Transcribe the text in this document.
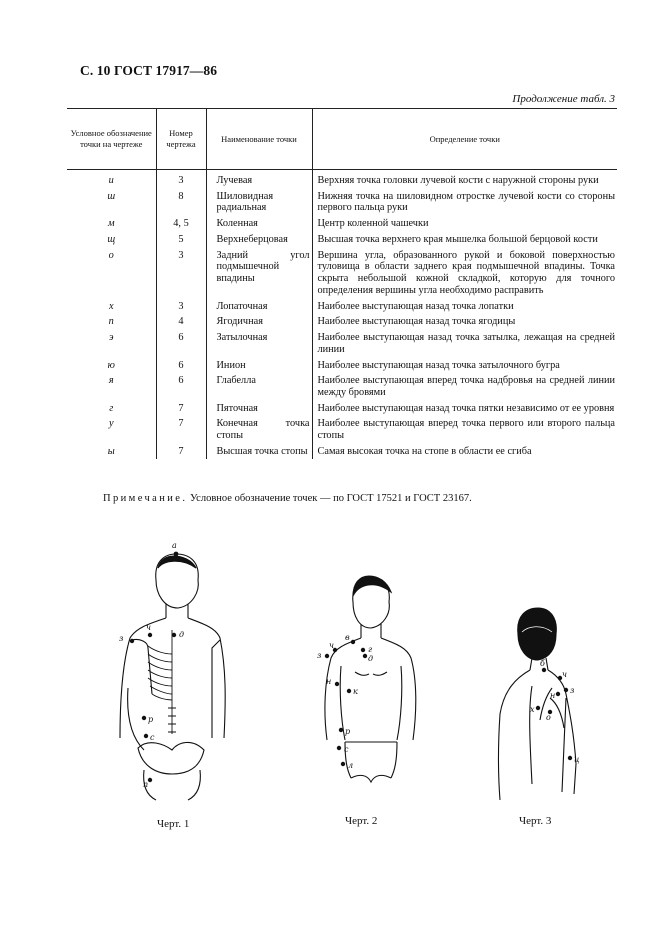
С. 10 ГОСТ 17917—86
Продолжение табл. 3
Условное обозначение точки на чертеже	Номер чертежа	Наименование точки	Определение точки
и	3	Лучевая	Верхняя точка головки лучевой кости с наружной стороны руки
ш	8	Шиловидная радиальная	Нижняя точка на шиловидном отростке лучевой кости со стороны первого пальца руки
м	4, 5	Коленная	Центр коленной чашечки
щ	5	Верхнеберцовая	Высшая точка верхнего края мышелка большой берцовой кости
о	3	Задний угол подмышечной впадины	Вершина угла, образованного рукой и боковой поверхностью туловища в области заднего края подмышечной впадины. Точка скрыта небольшой кожной складкой, которую для точного определения вершины угла необходимо расправить
х	3	Лопаточная	Наиболее выступающая назад точка лопатки
п	4	Ягодичная	Наиболее выступающая назад точка ягодицы
э	6	Затылочная	Наиболее выступающая назад точка затылка, лежащая на средней линии
ю	6	Инион	Наиболее выступающая назад точка затылочного бугра
я	6	Глабелла	Наиболее выступающая вперед точка надбровья на средней линии между бровями
г	7	Пяточная	Наиболее выступающая назад точка пятки независимо от ее уровня
у	7	Конечная точка стопы	Наиболее выступающая вперед точка первого или второго пальца стопы
ы	7	Высшая точка стопы	Самая высокая точка на стопе в области ее сгиба
Примечание. Условное обозначение точек — по ГОСТ 17521 и ГОСТ 23167.
а
ч
з	д
р
с
п
Черт. 1
в
ч
з
г
д
н
к
р
с
л
Черт. 2
б
ч
з
н
х
о
ц
Черт. 3
